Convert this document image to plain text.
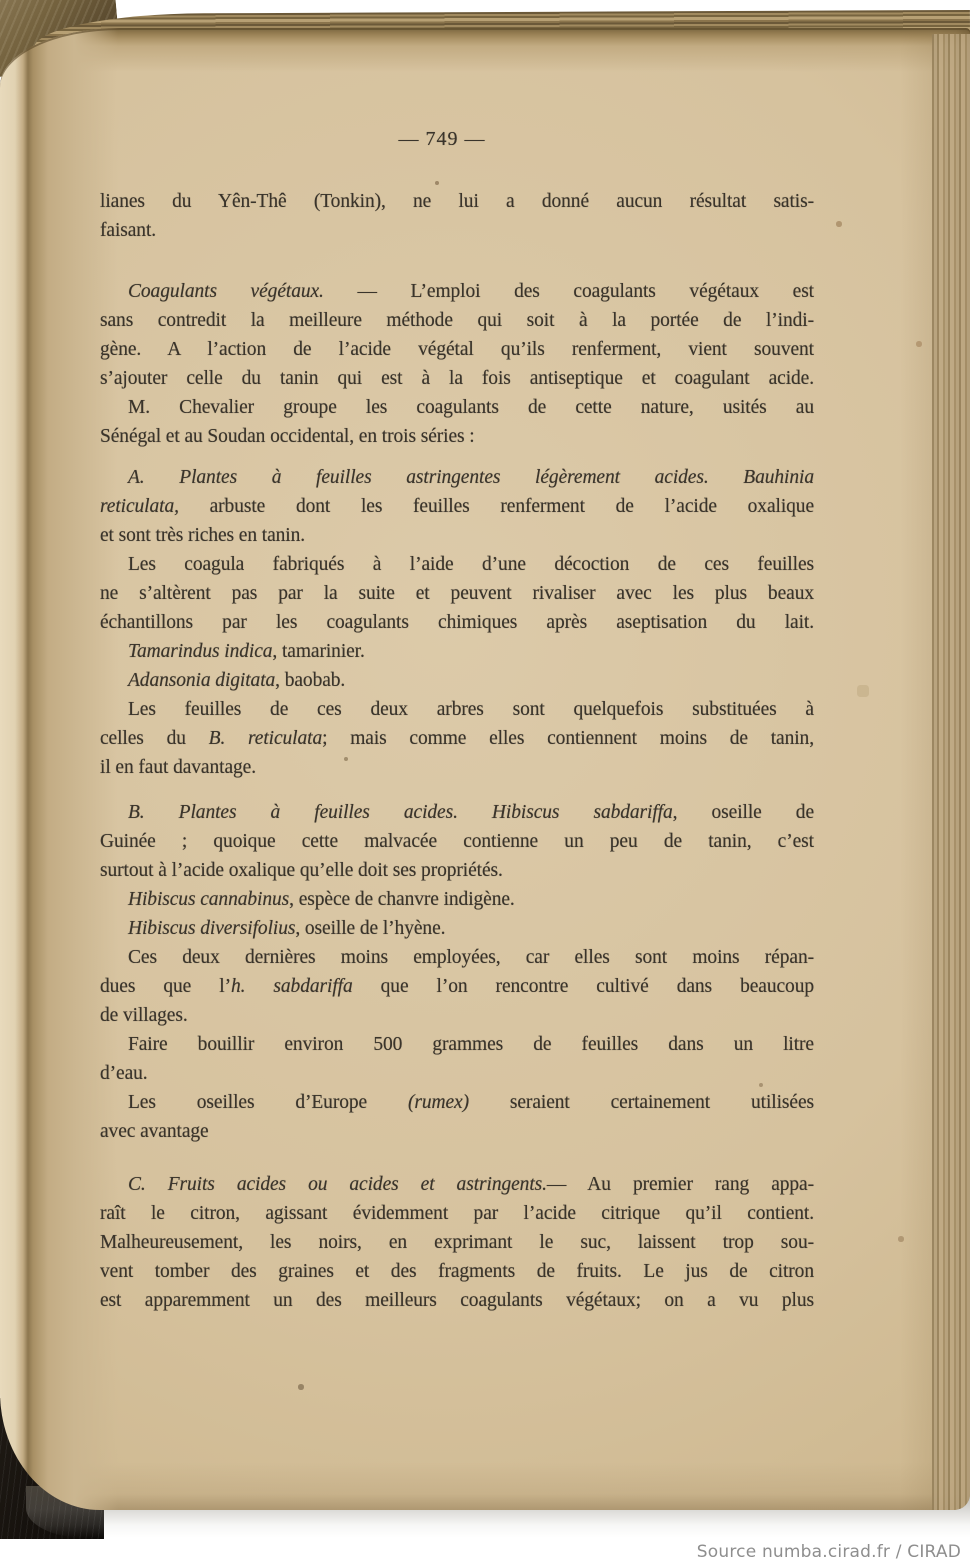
— 749 —
lianes du Yên-Thê (Tonkin), ne lui a donné aucun résultat satis-
faisant.
Coagulants végétaux. — L’emploi des coagulants végétaux est
sans contredit la meilleure méthode qui soit à la portée de l’indi-
gène. A l’action de l’acide végétal qu’ils renferment, vient souvent
s’ajouter celle du tanin qui est à la fois antiseptique et coagulant acide.
M. Chevalier groupe les coagulants de cette nature, usités au
Sénégal et au Soudan occidental, en trois séries :
A. Plantes à feuilles astringentes légèrement acides. Bauhinia
reticulata, arbuste dont les feuilles renferment de l’acide oxalique
et sont très riches en tanin.
Les coagula fabriqués à l’aide d’une décoction de ces feuilles
ne s’altèrent pas par la suite et peuvent rivaliser avec les plus beaux
échantillons par les coagulants chimiques après aseptisation du lait.
Tamarindus indica, tamarinier.
Adansonia digitata, baobab.
Les feuilles de ces deux arbres sont quelquefois substituées à
celles du B. reticulata; mais comme elles contiennent moins de tanin,
il en faut davantage.
B. Plantes à feuilles acides. Hibiscus sabdariffa, oseille de
Guinée ; quoique cette malvacée contienne un peu de tanin, c’est
surtout à l’acide oxalique qu’elle doit ses propriétés.
Hibiscus cannabinus, espèce de chanvre indigène.
Hibiscus diversifolius, oseille de l’hyène.
Ces deux dernières moins employées, car elles sont moins répan-
dues que l’h. sabdariffa que l’on rencontre cultivé dans beaucoup
de villages.
Faire bouillir environ 500 grammes de feuilles dans un litre
d’eau.
Les oseilles d’Europe (rumex) seraient certainement utilisées
avec avantage
C. Fruits acides ou acides et astringents.— Au premier rang appa-
raît le citron, agissant évidemment par l’acide citrique qu’il contient.
Malheureusement, les noirs, en exprimant le suc, laissent trop sou-
vent tomber des graines et des fragments de fruits. Le jus de citron
est apparemment un des meilleurs coagulants végétaux; on a vu plus
Source numba.cirad.fr / CIRAD
